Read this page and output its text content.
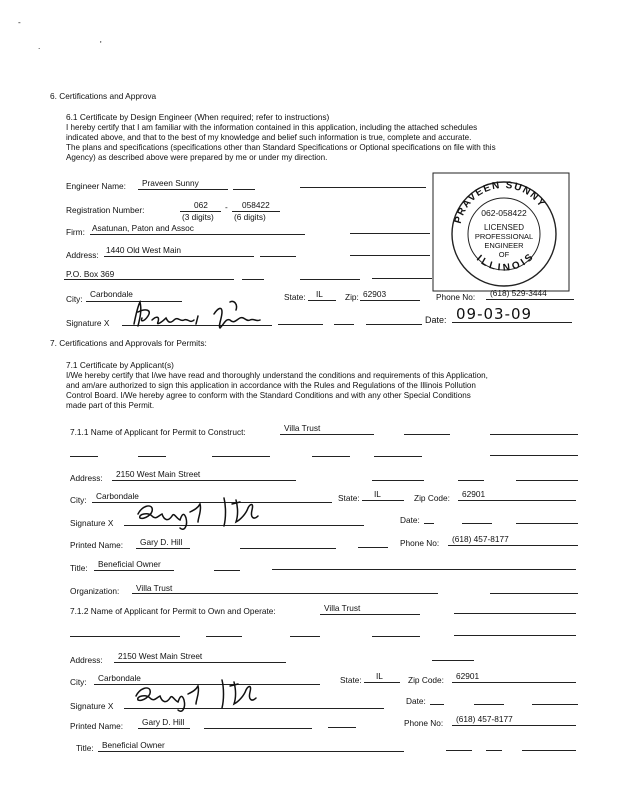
-
.	'
6. Certifications and Approva
6.1 Certificate by Design Engineer (When required; refer to instructions)
I hereby certify that I am familiar with the information contained in this application, including the attached schedules
indicated above, and that to the best of my knowledge and belief such information is true, complete and accurate.
The plans and specifications (specifications other than Standard Specifications or Optional specifications on file with this
Agency) as described above were prepared by me or under my direction.
Engineer Name: Praveen Sunny
Registration Number:	062 - 058422
(3 digits) (6 digits)
Firm: Asatunan, Paton and Assoc
Address: 1440 Old West Main
P.O. Box 369
City: Carbondale	State: IL	Zip: 62903	Phone No: (618) 529-3444
Signature X	Date: 09-03-09
PRAVEEN SUNNY
ILLINOIS
062-058422
LICENSED
PROFESSIONAL
ENGINEER
OF
7. Certifications and Approvals for Permits:
7.1 Certificate by Applicant(s)
I/We hereby certify that I/we have read and thoroughly understand the conditions and requirements of this Application,
and am/are authorized to sign this application in accordance with the Rules and Regulations of the Illinois Pollution
Control Board. I/We hereby agree to conform with the Standard Conditions and with any other Special Conditions
made part of this Permit.
7.1.1 Name of Applicant for Permit to Construct:	Villa Trust
Address: 2150 West Main Street
City: Carbondale	State: IL	Zip Code: 62901
Signature X	Date:
Printed Name: Gary D. Hill	Phone No: (618) 457-8177
Title: Beneficial Owner
Organization: Villa Trust
7.1.2 Name of Applicant for Permit to Own and Operate:	Villa Trust
Address: 2150 West Main Street
City: Carbondale	State: IL	Zip Code: 62901
Signature X	Date:
Printed Name: Gary D. Hill	Phone No: (618) 457-8177
Title: Beneficial Owner
